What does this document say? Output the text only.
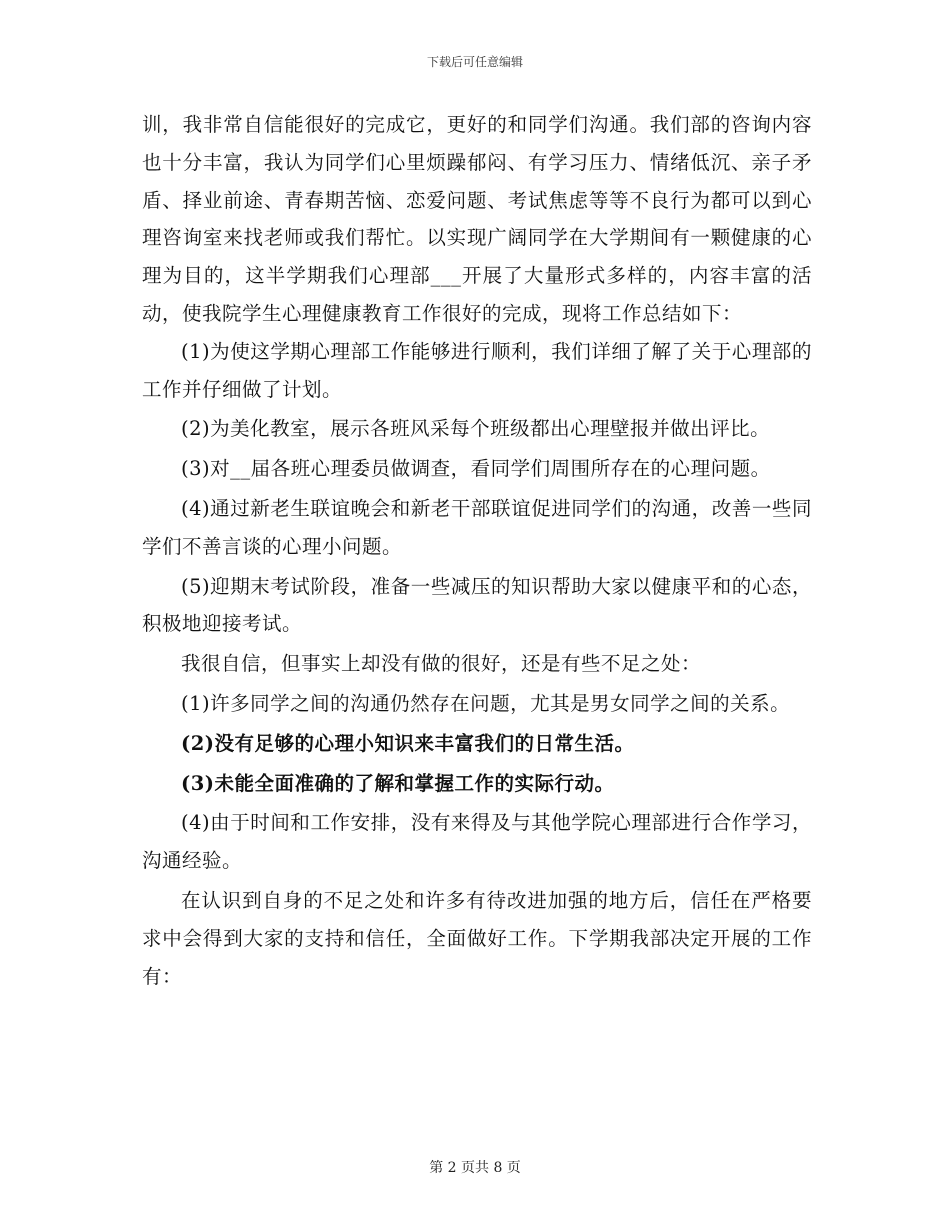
下载后可任意编辑

训，我非常自信能很好的完成它，更好的和同学们沟通。我们部的咨询内容也十分丰富，我认为同学们心里烦躁郁闷、有学习压力、情绪低沉、亲子矛盾、择业前途、青春期苦恼、恋爱问题、考试焦虑等等不良行为都可以到心理咨询室来找老师或我们帮忙。以实现广阔同学在大学期间有一颗健康的心理为目的，这半学期我们心理部___开展了大量形式多样的，内容丰富的活动，使我院学生心理健康教育工作很好的完成，现将工作总结如下：

(1)为使这学期心理部工作能够进行顺利，我们详细了解了关于心理部的工作并仔细做了计划。

(2)为美化教室，展示各班风采每个班级都出心理壁报并做出评比。

(3)对__届各班心理委员做调查，看同学们周围所存在的心理问题。

(4)通过新老生联谊晚会和新老干部联谊促进同学们的沟通，改善一些同学们不善言谈的心理小问题。

(5)迎期末考试阶段，准备一些减压的知识帮助大家以健康平和的心态，积极地迎接考试。

我很自信，但事实上却没有做的很好，还是有些不足之处：

(1)许多同学之间的沟通仍然存在问题，尤其是男女同学之间的关系。

(2)没有足够的心理小知识来丰富我们的日常生活。

(3)未能全面准确的了解和掌握工作的实际行动。

(4)由于时间和工作安排，没有来得及与其他学院心理部进行合作学习，沟通经验。

在认识到自身的不足之处和许多有待改进加强的地方后，信任在严格要求中会得到大家的支持和信任，全面做好工作。下学期我部决定开展的工作有：

第 2 页共 8 页
